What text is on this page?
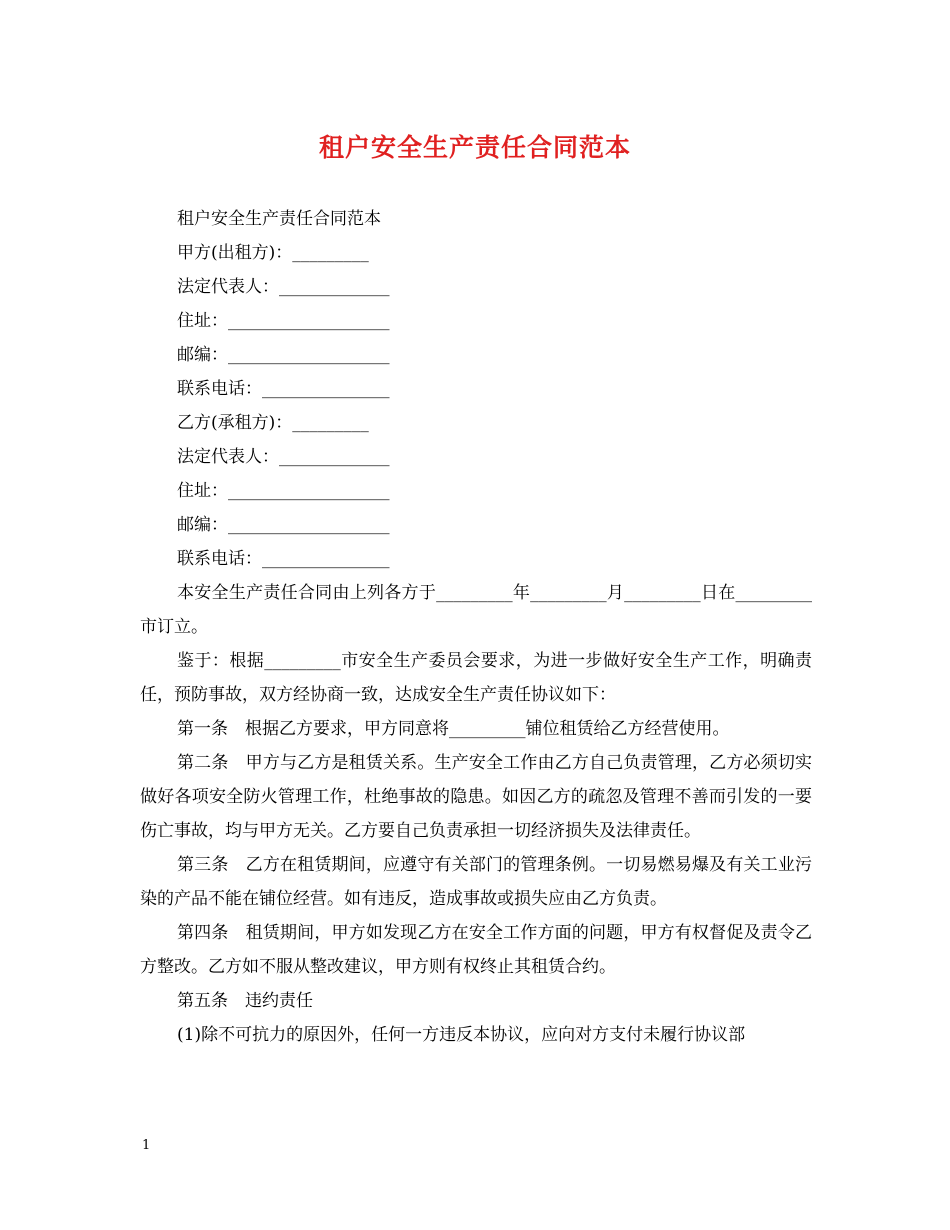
租户安全生产责任合同范本

租户安全生产责任合同范本

甲方(出租方)：_________

法定代表人：_____________

住址：___________________

邮编：___________________

联系电话：_______________

乙方(承租方)：_________

法定代表人：_____________

住址：___________________

邮编：___________________

联系电话：_______________

本安全生产责任合同由上列各方于_________年_________月_________日在_________市订立。

鉴于：根据_________市安全生产委员会要求，为进一步做好安全生产工作，明确责任，预防事故，双方经协商一致，达成安全生产责任协议如下：

第一条　根据乙方要求，甲方同意将_________铺位租赁给乙方经营使用。

第二条　甲方与乙方是租赁关系。生产安全工作由乙方自己负责管理，乙方必须切实做好各项安全防火管理工作，杜绝事故的隐患。如因乙方的疏忽及管理不善而引发的一要伤亡事故，均与甲方无关。乙方要自己负责承担一切经济损失及法律责任。

第三条　乙方在租赁期间，应遵守有关部门的管理条例。一切易燃易爆及有关工业污染的产品不能在铺位经营。如有违反，造成事故或损失应由乙方负责。

第四条　租赁期间，甲方如发现乙方在安全工作方面的问题，甲方有权督促及责令乙方整改。乙方如不服从整改建议，甲方则有权终止其租赁合约。

第五条　违约责任

(1)除不可抗力的原因外，任何一方违反本协议，应向对方支付未履行协议部

1
